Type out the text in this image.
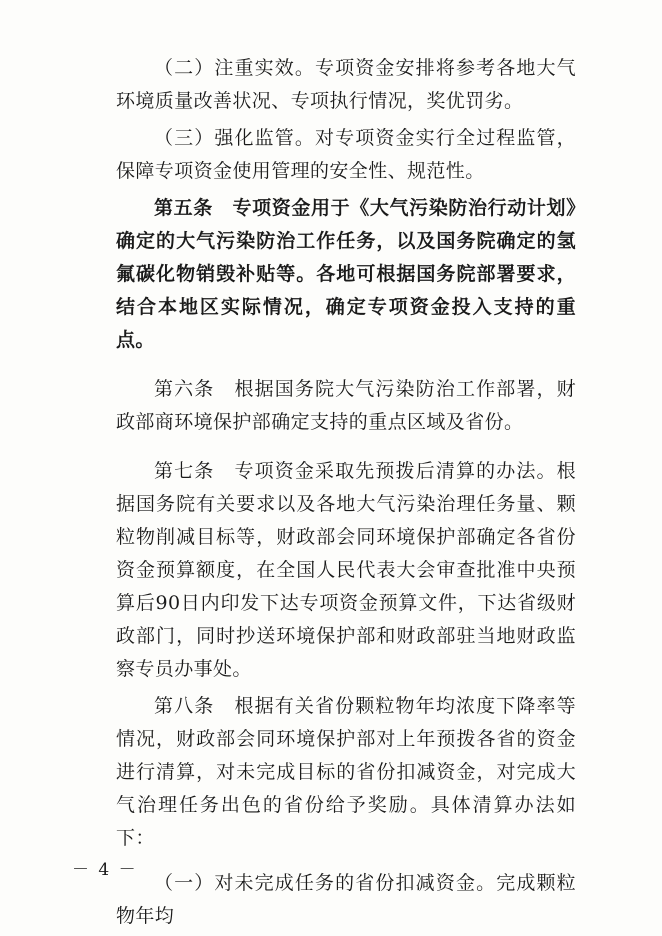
（二）注重实效。专项资金安排将参考各地大气环境质量改善状况、专项执行情况，奖优罚劣。

（三）强化监管。对专项资金实行全过程监管，保障专项资金使用管理的安全性、规范性。

第五条　专项资金用于《大气污染防治行动计划》确定的大气污染防治工作任务，以及国务院确定的氢氟碳化物销毁补贴等。各地可根据国务院部署要求，结合本地区实际情况，确定专项资金投入支持的重点。

第六条　根据国务院大气污染防治工作部署，财政部商环境保护部确定支持的重点区域及省份。

第七条　专项资金采取先预拨后清算的办法。根据国务院有关要求以及各地大气污染治理任务量、颗粒物削减目标等，财政部会同环境保护部确定各省份资金预算额度，在全国人民代表大会审查批准中央预算后90日内印发下达专项资金预算文件，下达省级财政部门，同时抄送环境保护部和财政部驻当地财政监察专员办事处。

第八条　根据有关省份颗粒物年均浓度下降率等情况，财政部会同环境保护部对上年预拨各省的资金进行清算，对未完成目标的省份扣减资金，对完成大气治理任务出色的省份给予奖励。具体清算办法如下：

（一）对未完成任务的省份扣减资金。完成颗粒物年均

－ 4 －
